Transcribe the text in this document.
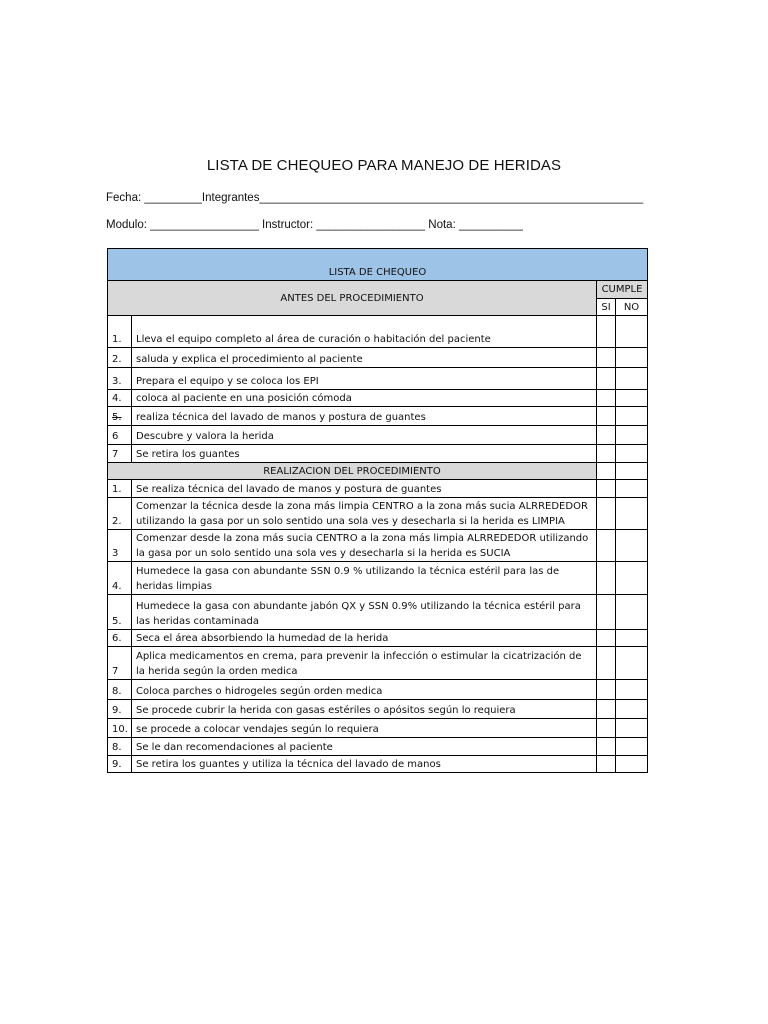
LISTA DE CHEQUEO PARA MANEJO DE HERIDAS
Fecha: _________Integrantes____________________________________________________________
Modulo: _________________ Instructor: _________________ Nota: __________
LISTA DE CHEQUEO			
ANTES DEL PROCEDIMIENTO		CUMPLE	
		SI	NO
1.	Lleva el equipo completo al área de curación o habitación del paciente		
2.	saluda y explica el procedimiento al paciente		
3.	Prepara el equipo y se coloca los EPI		
4.	coloca al paciente en una posición cómoda		
5.	realiza técnica del lavado de manos y postura de guantes		
6	Descubre y valora la herida		
7	Se retira los guantes		
REALIZACION DEL PROCEDIMIENTO			
1.	Se realiza técnica del lavado de manos y postura de guantes		
2.	Comenzar la técnica desde la zona más limpia CENTRO a la zona más sucia ALRREDEDOR utilizando la gasa por un solo sentido una sola ves y desecharla si la herida es LIMPIA		
3	Comenzar desde la zona más sucia CENTRO a la zona más limpia ALRREDEDOR utilizando la gasa por un solo sentido una sola ves y desecharla si la herida es SUCIA		
4.	Humedece la gasa con abundante SSN 0.9 % utilizando la técnica estéril para las de heridas limpias		
5.	Humedece la gasa con abundante jabón QX y SSN 0.9% utilizando la técnica estéril para las heridas contaminada		
6.	Seca el área absorbiendo la humedad de la herida		
7	Aplica medicamentos en crema, para prevenir la infección o estimular la cicatrización de la herida según la orden medica		
8.	Coloca parches o hidrogeles según orden medica		
9.	Se procede cubrir la herida con gasas estériles o apósitos según lo requiera		
10.	se procede a colocar vendajes según lo requiera		
8.	Se le dan recomendaciones al paciente		
9.	Se retira los guantes y utiliza la técnica del lavado de manos		
